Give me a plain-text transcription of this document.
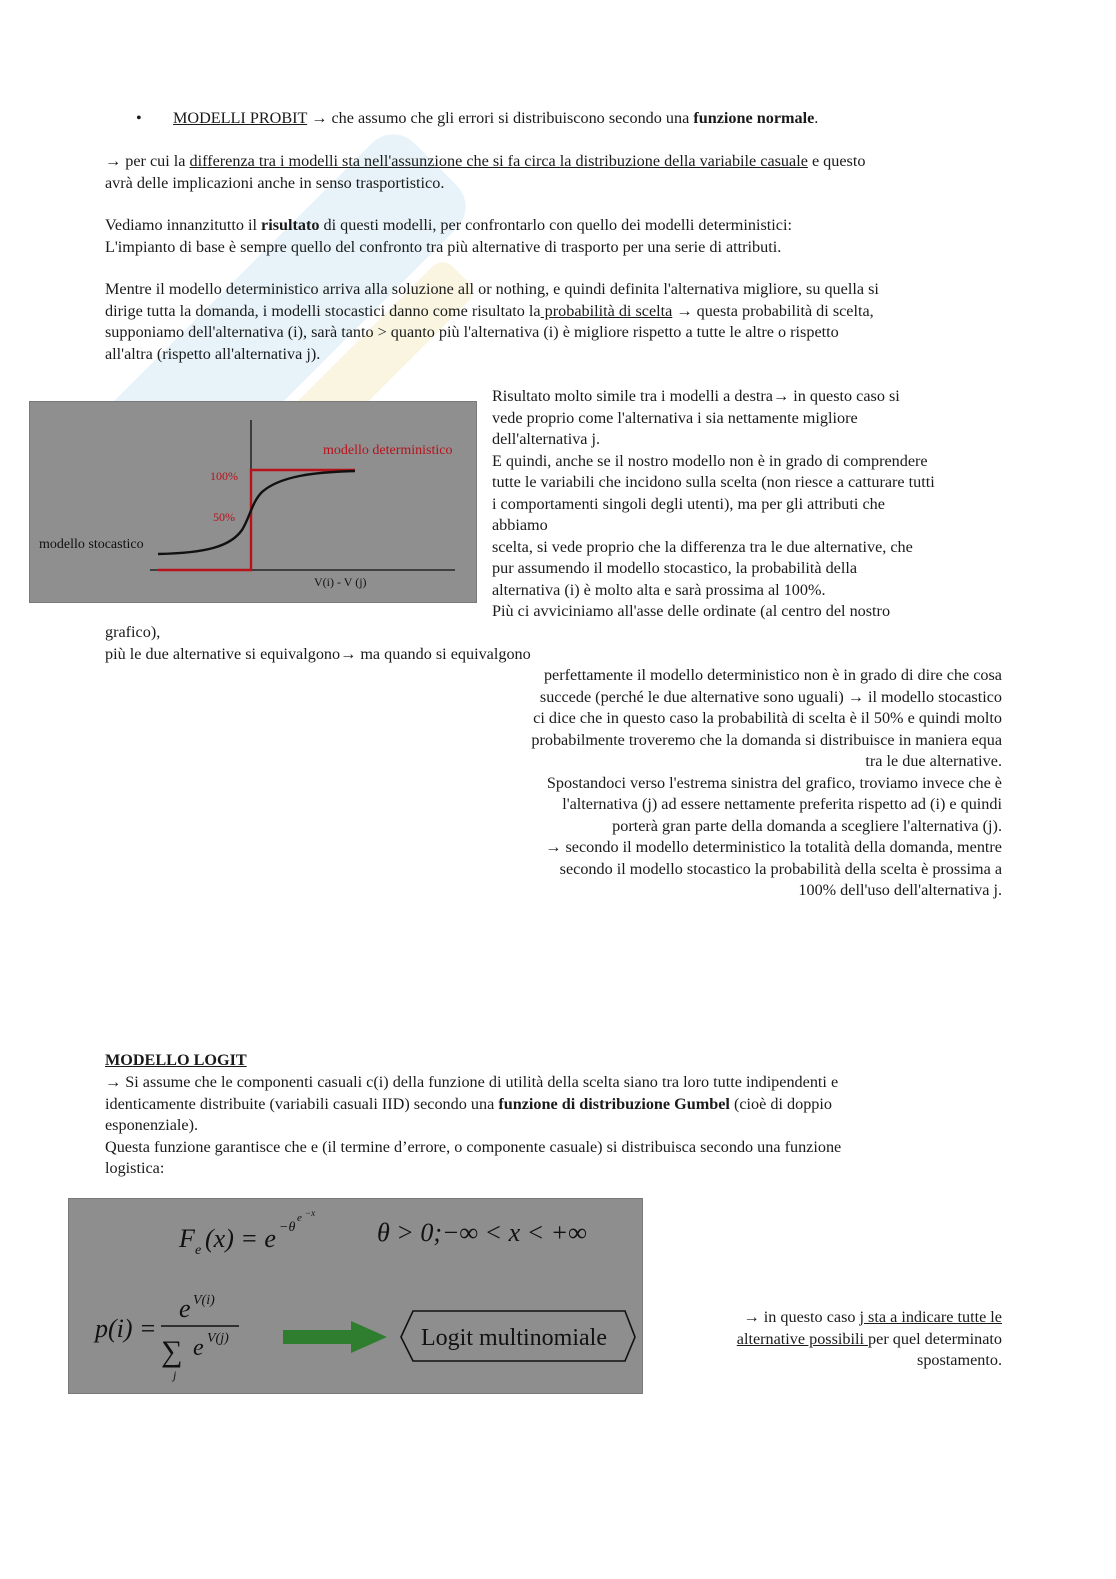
• MODELLI PROBIT → che assumo che gli errori si distribuiscono secondo una funzione normale.
→ per cui la differenza tra i modelli sta nell'assunzione che si fa circa la distribuzione della variabile casuale e questo
avrà delle implicazioni anche in senso trasportistico.
Vediamo innanzitutto il risultato di questi modelli, per confrontarlo con quello dei modelli deterministici:
L'impianto di base è sempre quello del confronto tra più alternative di trasporto per una serie di attributi.
Mentre il modello deterministico arriva alla soluzione all or nothing, e quindi definita l'alternativa migliore, su quella si
dirige tutta la domanda, i modelli stocastici danno come risultato la probabilità di scelta → questa probabilità di scelta,
supponiamo dell'alternativa (i), sarà tanto > quanto più l'alternativa (i) è migliore rispetto a tutte le altre o rispetto
all'altra (rispetto all'alternativa j).
modello deterministico
modello stocastico
100%
50%
V(i) - V (j)
Risultato molto simile tra i modelli a destra→ in questo caso si
vede proprio come l'alternativa i sia nettamente migliore
dell'alternativa j.
E quindi, anche se il nostro modello non è in grado di comprendere
tutte le variabili che incidono sulla scelta (non riesce a catturare tutti
i comportamenti singoli degli utenti), ma per gli attributi che
abbiamo
scelta, si vede proprio che la differenza tra le due alternative, che
pur assumendo il modello stocastico, la probabilità della
alternativa (i) è molto alta e sarà prossima al 100%.
Più ci avviciniamo all'asse delle ordinate (al centro del nostro
grafico),
più le due alternative si equivalgono→ ma quando si equivalgono
perfettamente il modello deterministico non è in grado di dire che cosa
succede (perché le due alternative sono uguali) → il modello stocastico
ci dice che in questo caso la probabilità di scelta è il 50% e quindi molto
probabilmente troveremo che la domanda si distribuisce in maniera equa
tra le due alternative.
Spostandoci verso l'estrema sinistra del grafico, troviamo invece che è
l'alternativa (j) ad essere nettamente preferita rispetto ad (i) e quindi
porterà gran parte della domanda a scegliere l'alternativa (j).
→ secondo il modello deterministico la totalità della domanda, mentre
secondo il modello stocastico la probabilità della scelta è prossima a
100% dell'uso dell'alternativa j.
MODELLO LOGIT
→ Si assume che le componenti casuali c(i) della funzione di utilità della scelta siano tra loro tutte indipendenti e
identicamente distribuite (variabili casuali IID) secondo una funzione di distribuzione Gumbel (cioè di doppio
esponenziale).
Questa funzione garantisce che e (il termine d’errore, o componente casuale) si distribuisca secondo una funzione
logistica:
F e (x) = e −θ
e −x
θ > 0;−∞ < x < +∞
p(i) =
e V(i)
∑ e V(j)
j
Logit multinomiale
→ in questo caso j sta a indicare tutte le
alternative possibili per quel determinato
spostamento.
